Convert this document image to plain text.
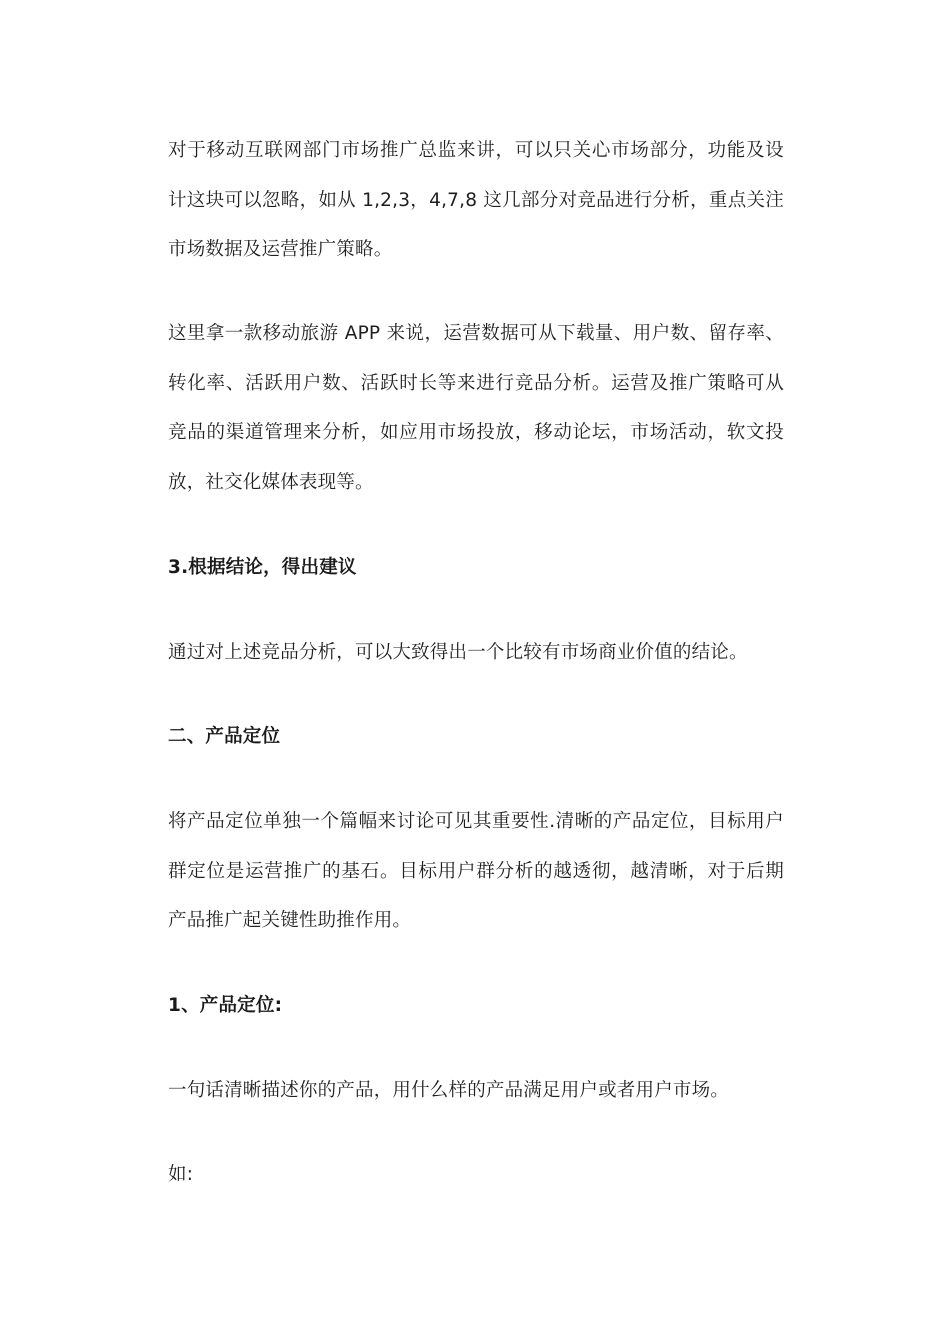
对于移动互联网部门市场推广总监来讲，可以只关心市场部分，功能及设计这块可以忽略，如从 1,2,3，4,7,8 这几部分对竞品进行分析，重点关注市场数据及运营推广策略。

这里拿一款移动旅游 APP 来说，运营数据可从下载量、用户数、留存率、转化率、活跃用户数、活跃时长等来进行竞品分析。运营及推广策略可从竞品的渠道管理来分析，如应用市场投放，移动论坛，市场活动，软文投放，社交化媒体表现等。

3.根据结论，得出建议

通过对上述竞品分析，可以大致得出一个比较有市场商业价值的结论。

二、产品定位

将产品定位单独一个篇幅来讨论可见其重要性.清晰的产品定位，目标用户群定位是运营推广的基石。目标用户群分析的越透彻，越清晰，对于后期产品推广起关键性助推作用。

1、产品定位:

一句话清晰描述你的产品，用什么样的产品满足用户或者用户市场。

如:
